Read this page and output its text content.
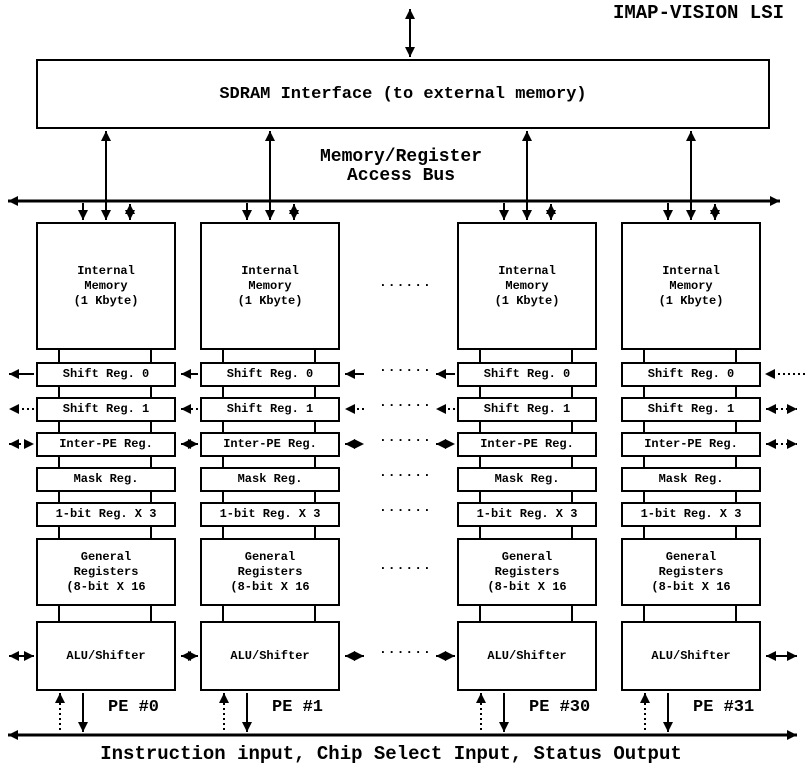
IMAP-VISION LSI
SDRAM Interface (to external memory)
Memory/Register
Access Bus
Internal
Memory
(1 Kbyte)
Shift Reg. 0
Shift Reg. 1
Inter-PE Reg.
Mask Reg.
1-bit Reg. X 3
General
Registers
(8-bit X 16
ALU/Shifter
PE #0
Internal
Memory
(1 Kbyte)
Shift Reg. 0
Shift Reg. 1
Inter-PE Reg.
Mask Reg.
1-bit Reg. X 3
General
Registers
(8-bit X 16
ALU/Shifter
PE #1
Internal
Memory
(1 Kbyte)
Shift Reg. 0
Shift Reg. 1
Inter-PE Reg.
Mask Reg.
1-bit Reg. X 3
General
Registers
(8-bit X 16
ALU/Shifter
PE #30
Internal
Memory
(1 Kbyte)
Shift Reg. 0
Shift Reg. 1
Inter-PE Reg.
Mask Reg.
1-bit Reg. X 3
General
Registers
(8-bit X 16
ALU/Shifter
PE #31
......
......
......
......
......
......
......
......
Instruction input, Chip Select Input, Status Output
